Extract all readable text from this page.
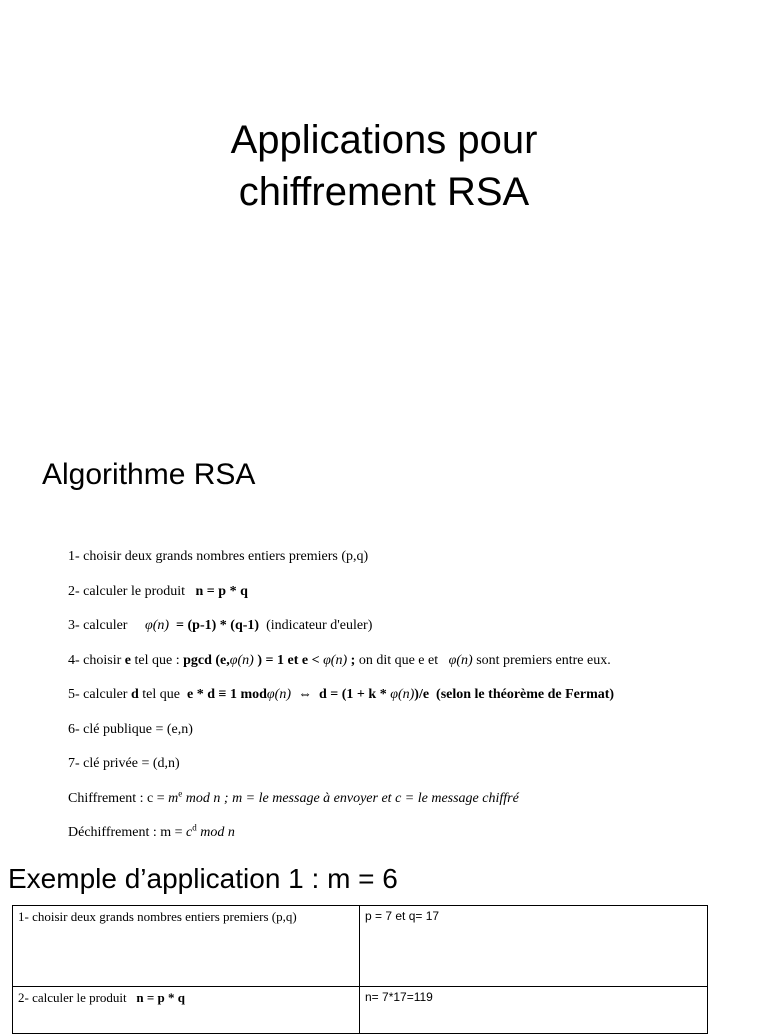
Applications pour
chiffrement RSA
Algorithme RSA
1- choisir deux grands nombres entiers premiers (p,q)
2- calculer le produit n = p * q
3- calculer φ(n) = (p-1) * (q-1) (indicateur d'euler)
4- choisir e tel que : pgcd (e,φ(n) ) = 1 et e < φ(n) ; on dit que e et φ(n) sont premiers entre eux.
5- calculer d tel que e * d ≡ 1 modφ(n) ⇔ d = (1 + k * φ(n))/e (selon le théorème de Fermat)
6- clé publique = (e,n)
7- clé privée = (d,n)
Chiffrement : $c = m^e$ mod n ; m = le message à envoyer et c = le message chiffré
Déchiffrement : $m = c^d$ mod n
Exemple d’application 1 : m = 6
1- choisir deux grands nombres entiers premiers (p,q)	p = 7 et q= 17
2- calculer le produit n = p * q	n= 7*17=119
